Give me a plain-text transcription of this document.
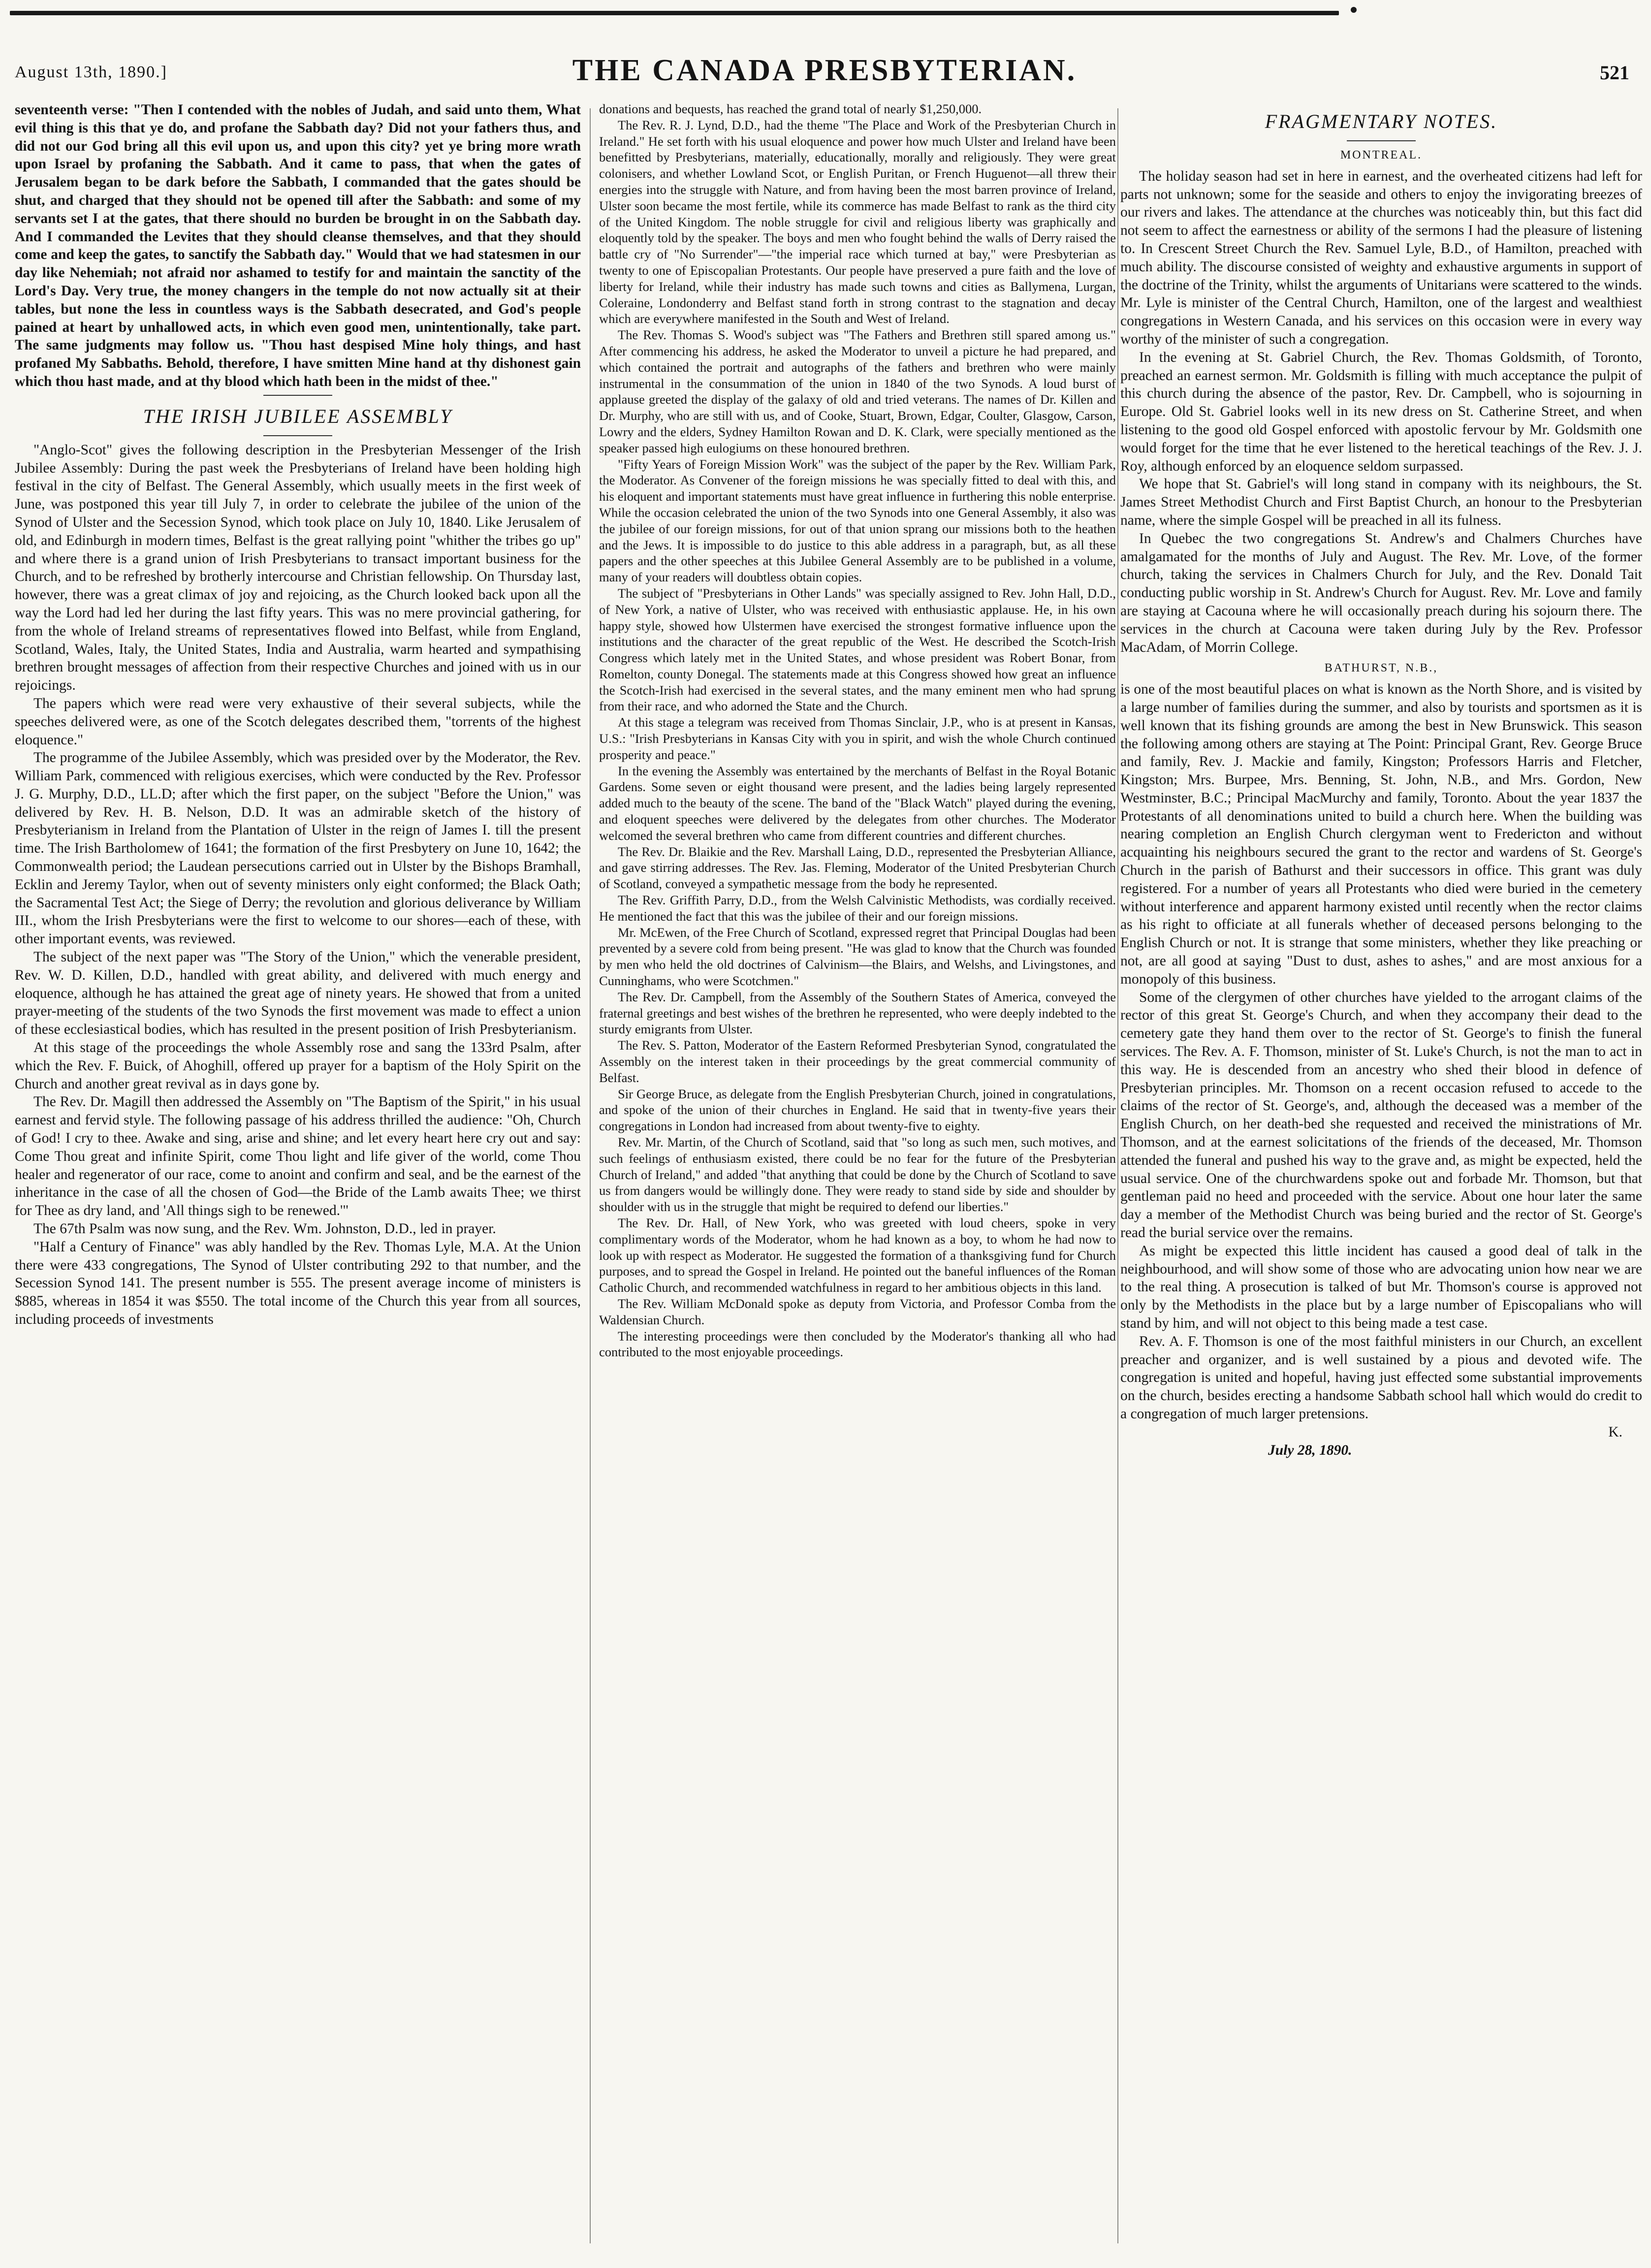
August 13th, 1890.]	THE CANADA PRESBYTERIAN.	521

seventeenth verse: "Then I contended with the nobles of Judah, and said unto them, What evil thing is this that ye do, and profane the Sabbath day? Did not your fathers thus, and did not our God bring all this evil upon us, and upon this city? yet ye bring more wrath upon Israel by profaning the Sabbath. And it came to pass, that when the gates of Jerusalem began to be dark before the Sabbath, I commanded that the gates should be shut, and charged that they should not be opened till after the Sabbath: and some of my servants set I at the gates, that there should no burden be brought in on the Sabbath day. And I commanded the Levites that they should cleanse themselves, and that they should come and keep the gates, to sanctify the Sabbath day." Would that we had statesmen in our day like Nehemiah; not afraid nor ashamed to testify for and maintain the sanctity of the Lord's Day. Very true, the money changers in the temple do not now actually sit at their tables, but none the less in countless ways is the Sabbath desecrated, and God's people pained at heart by unhallowed acts, in which even good men, unintentionally, take part. The same judgments may follow us. "Thou hast despised Mine holy things, and hast profaned My Sabbaths. Behold, therefore, I have smitten Mine hand at thy dishonest gain which thou hast made, and at thy blood which hath been in the midst of thee."

THE IRISH JUBILEE ASSEMBLY

"Anglo-Scot" gives the following description in the Presbyterian Messenger of the Irish Jubilee Assembly: During the past week the Presbyterians of Ireland have been holding high festival in the city of Belfast. The General Assembly, which usually meets in the first week of June, was postponed this year till July 7, in order to celebrate the jubilee of the union of the Synod of Ulster and the Secession Synod, which took place on July 10, 1840. Like Jerusalem of old, and Edinburgh in modern times, Belfast is the great rallying point "whither the tribes go up" and where there is a grand union of Irish Presbyterians to transact important business for the Church, and to be refreshed by brotherly intercourse and Christian fellowship. On Thursday last, however, there was a great climax of joy and rejoicing, as the Church looked back upon all the way the Lord had led her during the last fifty years. This was no mere provincial gathering, for from the whole of Ireland streams of representatives flowed into Belfast, while from England, Scotland, Wales, Italy, the United States, India and Australia, warm hearted and sympathising brethren brought messages of affection from their respective Churches and joined with us in our rejoicings.

The papers which were read were very exhaustive of their several subjects, while the speeches delivered were, as one of the Scotch delegates described them, "torrents of the highest eloquence."

The programme of the Jubilee Assembly, which was presided over by the Moderator, the Rev. William Park, commenced with religious exercises, which were conducted by the Rev. Professor J. G. Murphy, D.D., LL.D; after which the first paper, on the subject "Before the Union," was delivered by Rev. H. B. Nelson, D.D. It was an admirable sketch of the history of Presbyterianism in Ireland from the Plantation of Ulster in the reign of James I. till the present time. The Irish Bartholomew of 1641; the formation of the first Presbytery on June 10, 1642; the Commonwealth period; the Laudean persecutions carried out in Ulster by the Bishops Bramhall, Ecklin and Jeremy Taylor, when out of seventy ministers only eight conformed; the Black Oath; the Sacramental Test Act; the Siege of Derry; the revolution and glorious deliverance by William III., whom the Irish Presbyterians were the first to welcome to our shores—each of these, with other important events, was reviewed.

The subject of the next paper was "The Story of the Union," which the venerable president, Rev. W. D. Killen, D.D., handled with great ability, and delivered with much energy and eloquence, although he has attained the great age of ninety years. He showed that from a united prayer-meeting of the students of the two Synods the first movement was made to effect a union of these ecclesiastical bodies, which has resulted in the present position of Irish Presbyterianism.

At this stage of the proceedings the whole Assembly rose and sang the 133rd Psalm, after which the Rev. F. Buick, of Ahoghill, offered up prayer for a baptism of the Holy Spirit on the Church and another great revival as in days gone by.

The Rev. Dr. Magill then addressed the Assembly on "The Baptism of the Spirit," in his usual earnest and fervid style. The following passage of his address thrilled the audience: "Oh, Church of God! I cry to thee. Awake and sing, arise and shine; and let every heart here cry out and say: Come Thou great and infinite Spirit, come Thou light and life giver of the world, come Thou healer and regenerator of our race, come to anoint and confirm and seal, and be the earnest of the inheritance in the case of all the chosen of God—the Bride of the Lamb awaits Thee; we thirst for Thee as dry land, and 'All things sigh to be renewed.'"

The 67th Psalm was now sung, and the Rev. Wm. Johnston, D.D., led in prayer.

"Half a Century of Finance" was ably handled by the Rev. Thomas Lyle, M.A. At the Union there were 433 congregations, The Synod of Ulster contributing 292 to that number, and the Secession Synod 141. The present number is 555. The present average income of ministers is $885, whereas in 1854 it was $550. The total income of the Church this year from all sources, including proceeds of investments

donations and bequests, has reached the grand total of nearly $1,250,000.

The Rev. R. J. Lynd, D.D., had the theme "The Place and Work of the Presbyterian Church in Ireland." He set forth with his usual eloquence and power how much Ulster and Ireland have been benefitted by Presbyterians, materially, educationally, morally and religiously. They were great colonisers, and whether Lowland Scot, or English Puritan, or French Huguenot—all threw their energies into the struggle with Nature, and from having been the most barren province of Ireland, Ulster soon became the most fertile, while its commerce has made Belfast to rank as the third city of the United Kingdom. The noble struggle for civil and religious liberty was graphically and eloquently told by the speaker. The boys and men who fought behind the walls of Derry raised the battle cry of "No Surrender"—"the imperial race which turned at bay," were Presbyterian as twenty to one of Episcopalian Protestants. Our people have preserved a pure faith and the love of liberty for Ireland, while their industry has made such towns and cities as Ballymena, Lurgan, Coleraine, Londonderry and Belfast stand forth in strong contrast to the stagnation and decay which are everywhere manifested in the South and West of Ireland.

The Rev. Thomas S. Wood's subject was "The Fathers and Brethren still spared among us." After commencing his address, he asked the Moderator to unveil a picture he had prepared, and which contained the portrait and autographs of the fathers and brethren who were mainly instrumental in the consummation of the union in 1840 of the two Synods. A loud burst of applause greeted the display of the galaxy of old and tried veterans. The names of Dr. Killen and Dr. Murphy, who are still with us, and of Cooke, Stuart, Brown, Edgar, Coulter, Glasgow, Carson, Lowry and the elders, Sydney Hamilton Rowan and D. K. Clark, were specially mentioned as the speaker passed high eulogiums on these honoured brethren.

"Fifty Years of Foreign Mission Work" was the subject of the paper by the Rev. William Park, the Moderator. As Convener of the foreign missions he was specially fitted to deal with this, and his eloquent and important statements must have great influence in furthering this noble enterprise. While the occasion celebrated the union of the two Synods into one General Assembly, it also was the jubilee of our foreign missions, for out of that union sprang our missions both to the heathen and the Jews. It is impossible to do justice to this able address in a paragraph, but, as all these papers and the other speeches at this Jubilee General Assembly are to be published in a volume, many of your readers will doubtless obtain copies.

The subject of "Presbyterians in Other Lands" was specially assigned to Rev. John Hall, D.D., of New York, a native of Ulster, who was received with enthusiastic applause. He, in his own happy style, showed how Ulstermen have exercised the strongest formative influence upon the institutions and the character of the great republic of the West. He described the Scotch-Irish Congress which lately met in the United States, and whose president was Robert Bonar, from Romelton, county Donegal. The statements made at this Congress showed how great an influence the Scotch-Irish had exercised in the several states, and the many eminent men who had sprung from their race, and who adorned the State and the Church.

At this stage a telegram was received from Thomas Sinclair, J.P., who is at present in Kansas, U.S.: "Irish Presbyterians in Kansas City with you in spirit, and wish the whole Church continued prosperity and peace."

In the evening the Assembly was entertained by the merchants of Belfast in the Royal Botanic Gardens. Some seven or eight thousand were present, and the ladies being largely represented added much to the beauty of the scene. The band of the "Black Watch" played during the evening, and eloquent speeches were delivered by the delegates from other churches. The Moderator welcomed the several brethren who came from different countries and different churches.

The Rev. Dr. Blaikie and the Rev. Marshall Laing, D.D., represented the Presbyterian Alliance, and gave stirring addresses. The Rev. Jas. Fleming, Moderator of the United Presbyterian Church of Scotland, conveyed a sympathetic message from the body he represented.

The Rev. Griffith Parry, D.D., from the Welsh Calvinistic Methodists, was cordially received. He mentioned the fact that this was the jubilee of their and our foreign missions.

Mr. McEwen, of the Free Church of Scotland, expressed regret that Principal Douglas had been prevented by a severe cold from being present. "He was glad to know that the Church was founded by men who held the old doctrines of Calvinism—the Blairs, and Welshs, and Livingstones, and Cunninghams, who were Scotchmen."

The Rev. Dr. Campbell, from the Assembly of the Southern States of America, conveyed the fraternal greetings and best wishes of the brethren he represented, who were deeply indebted to the sturdy emigrants from Ulster.

The Rev. S. Patton, Moderator of the Eastern Reformed Presbyterian Synod, congratulated the Assembly on the interest taken in their proceedings by the great commercial community of Belfast.

Sir George Bruce, as delegate from the English Presbyterian Church, joined in congratulations, and spoke of the union of their churches in England. He said that in twenty-five years their congregations in London had increased from about twenty-five to eighty.

Rev. Mr. Martin, of the Church of Scotland, said that "so long as such men, such motives, and such feelings of enthusiasm existed, there could be no fear for the future of the Presbyterian Church of Ireland," and added "that anything that could be done by the Church of Scotland to save us from dangers would be willingly done. They were ready to stand side by side and shoulder by shoulder with us in the struggle that might be required to defend our liberties."

The Rev. Dr. Hall, of New York, who was greeted with loud cheers, spoke in very complimentary words of the Moderator, whom he had known as a boy, to whom he had now to look up with respect as Moderator. He suggested the formation of a thanksgiving fund for Church purposes, and to spread the Gospel in Ireland. He pointed out the baneful influences of the Roman Catholic Church, and recommended watchfulness in regard to her ambitious objects in this land.

The Rev. William McDonald spoke as deputy from Victoria, and Professor Comba from the Waldensian Church.

The interesting proceedings were then concluded by the Moderator's thanking all who had contributed to the most enjoyable proceedings.

FRAGMENTARY NOTES.
MONTREAL.

The holiday season had set in here in earnest, and the overheated citizens had left for parts not unknown; some for the seaside and others to enjoy the invigorating breezes of our rivers and lakes. The attendance at the churches was noticeably thin, but this fact did not seem to affect the earnestness or ability of the sermons I had the pleasure of listening to. In Crescent Street Church the Rev. Samuel Lyle, B.D., of Hamilton, preached with much ability. The discourse consisted of weighty and exhaustive arguments in support of the doctrine of the Trinity, whilst the arguments of Unitarians were scattered to the winds. Mr. Lyle is minister of the Central Church, Hamilton, one of the largest and wealthiest congregations in Western Canada, and his services on this occasion were in every way worthy of the minister of such a congregation.

In the evening at St. Gabriel Church, the Rev. Thomas Goldsmith, of Toronto, preached an earnest sermon. Mr. Goldsmith is filling with much acceptance the pulpit of this church during the absence of the pastor, Rev. Dr. Campbell, who is sojourning in Europe. Old St. Gabriel looks well in its new dress on St. Catherine Street, and when listening to the good old Gospel enforced with apostolic fervour by Mr. Goldsmith one would forget for the time that he ever listened to the heretical teachings of the Rev. J. J. Roy, although enforced by an eloquence seldom surpassed.

We hope that St. Gabriel's will long stand in company with its neighbours, the St. James Street Methodist Church and First Baptist Church, an honour to the Presbyterian name, where the simple Gospel will be preached in all its fulness.

In Quebec the two congregations St. Andrew's and Chalmers Churches have amalgamated for the months of July and August. The Rev. Mr. Love, of the former church, taking the services in Chalmers Church for July, and the Rev. Donald Tait conducting public worship in St. Andrew's Church for August. Rev. Mr. Love and family are staying at Cacouna where he will occasionally preach during his sojourn there. The services in the church at Cacouna were taken during July by the Rev. Professor MacAdam, of Morrin College.

BATHURST, N.B.,

is one of the most beautiful places on what is known as the North Shore, and is visited by a large number of families during the summer, and also by tourists and sportsmen as it is well known that its fishing grounds are among the best in New Brunswick. This season the following among others are staying at The Point: Principal Grant, Rev. George Bruce and family, Rev. J. Mackie and family, Kingston; Professors Harris and Fletcher, Kingston; Mrs. Burpee, Mrs. Benning, St. John, N.B., and Mrs. Gordon, New Westminster, B.C.; Principal MacMurchy and family, Toronto. About the year 1837 the Protestants of all denominations united to build a church here. When the building was nearing completion an English Church clergyman went to Fredericton and without acquainting his neighbours secured the grant to the rector and wardens of St. George's Church in the parish of Bathurst and their successors in office. This grant was duly registered. For a number of years all Protestants who died were buried in the cemetery without interference and apparent harmony existed until recently when the rector claims as his right to officiate at all funerals whether of deceased persons belonging to the English Church or not. It is strange that some ministers, whether they like preaching or not, are all good at saying "Dust to dust, ashes to ashes," and are most anxious for a monopoly of this business.

Some of the clergymen of other churches have yielded to the arrogant claims of the rector of this great St. George's Church, and when they accompany their dead to the cemetery gate they hand them over to the rector of St. George's to finish the funeral services. The Rev. A. F. Thomson, minister of St. Luke's Church, is not the man to act in this way. He is descended from an ancestry who shed their blood in defence of Presbyterian principles. Mr. Thomson on a recent occasion refused to accede to the claims of the rector of St. George's, and, although the deceased was a member of the English Church, on her death-bed she requested and received the ministrations of Mr. Thomson, and at the earnest solicitations of the friends of the deceased, Mr. Thomson attended the funeral and pushed his way to the grave and, as might be expected, held the usual service. One of the churchwardens spoke out and forbade Mr. Thomson, but that gentleman paid no heed and proceeded with the service. About one hour later the same day a member of the Methodist Church was being buried and the rector of St. George's read the burial service over the remains.

As might be expected this little incident has caused a good deal of talk in the neighbourhood, and will show some of those who are advocating union how near we are to the real thing. A prosecution is talked of but Mr. Thomson's course is approved not only by the Methodists in the place but by a large number of Episcopalians who will stand by him, and will not object to this being made a test case.

Rev. A. F. Thomson is one of the most faithful ministers in our Church, an excellent preacher and organizer, and is well sustained by a pious and devoted wife. The congregation is united and hopeful, having just effected some substantial improvements on the church, besides erecting a handsome Sabbath school hall which would do credit to a congregation of much larger pretensions.

K.

July 28, 1890.
